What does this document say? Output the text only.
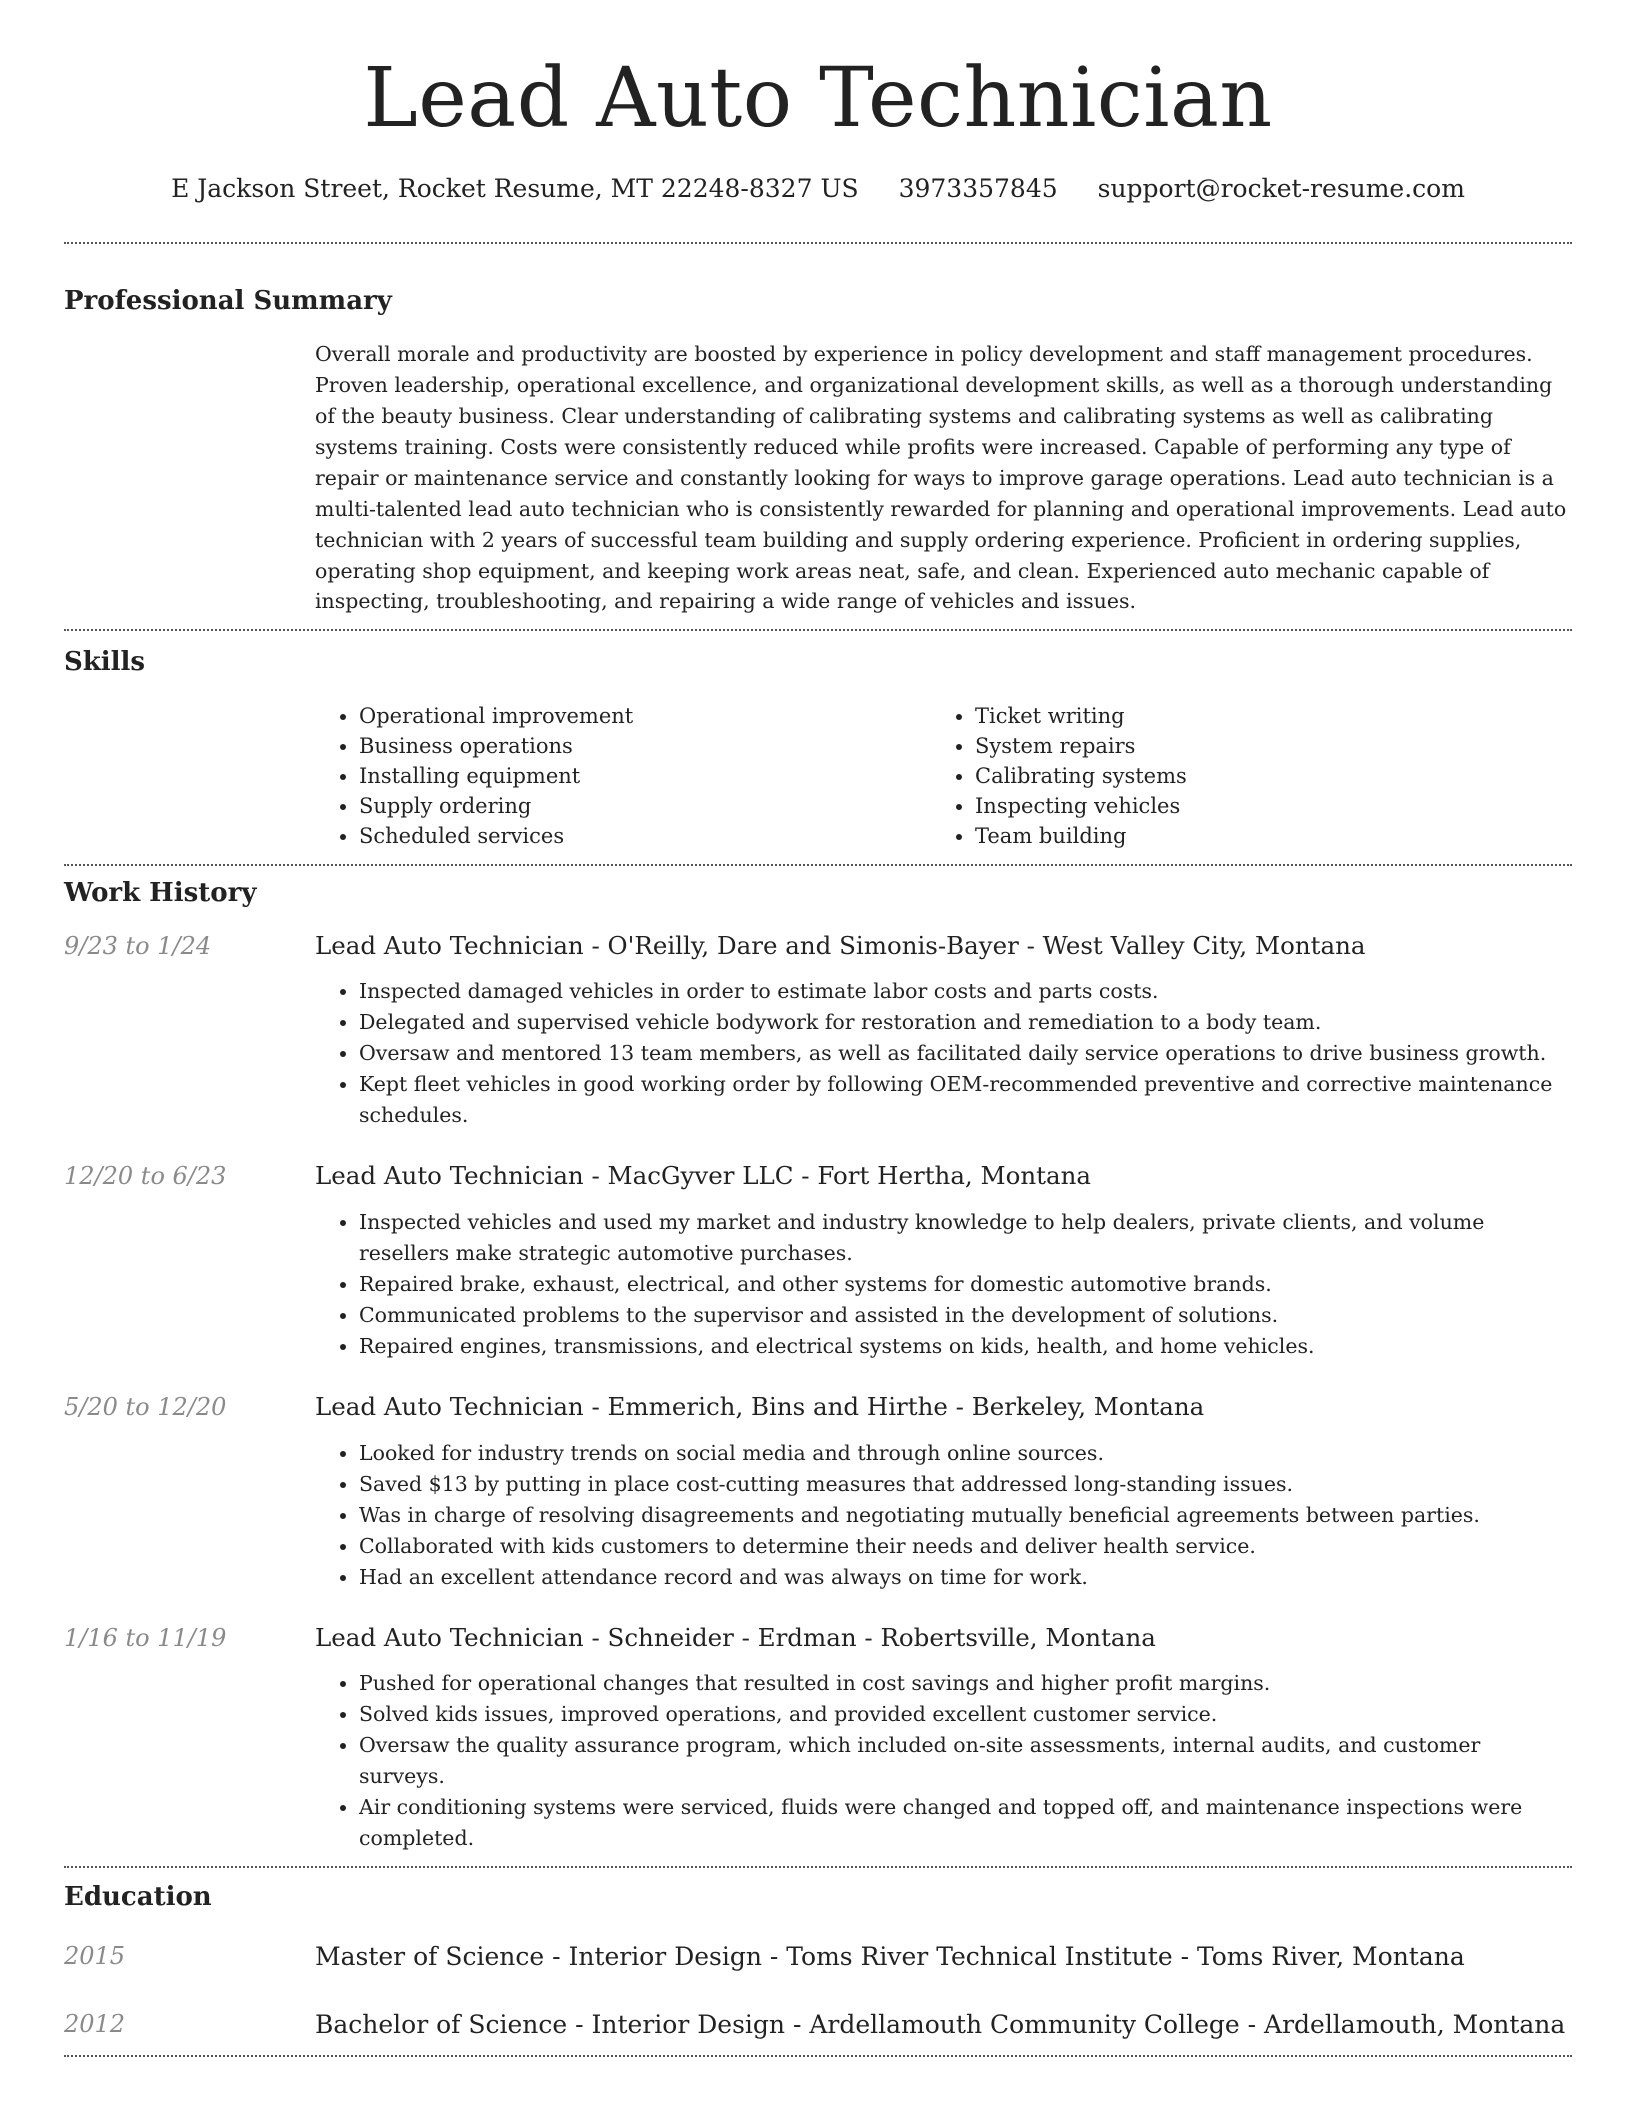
Lead Auto Technician
E Jackson Street, Rocket Resume, MT 22248-8327 US 3973357845 support@rocket-resume.com
Professional Summary

Overall morale and productivity are boosted by experience in policy development and staff management procedures. Proven leadership, operational excellence, and organizational development skills, as well as a thorough understanding of the beauty business. Clear understanding of calibrating systems and calibrating systems as well as calibrating systems training. Costs were consistently reduced while profits were increased. Capable of performing any type of repair or maintenance service and constantly looking for ways to improve garage operations. Lead auto technician is a multi-talented lead auto technician who is consistently rewarded for planning and operational improvements. Lead auto technician with 2 years of successful team building and supply ordering experience. Proficient in ordering supplies, operating shop equipment, and keeping work areas neat, safe, and clean. Experienced auto mechanic capable of inspecting, troubleshooting, and repairing a wide range of vehicles and issues.

Skills
• Operational improvement
• Business operations
• Installing equipment
• Supply ordering
• Scheduled services
• Ticket writing
• System repairs
• Calibrating systems
• Inspecting vehicles
• Team building
Work History
9/23 to 1/24	Lead Auto Technician - O'Reilly, Dare and Simonis-Bayer - West Valley City, Montana
• Inspected damaged vehicles in order to estimate labor costs and parts costs.
• Delegated and supervised vehicle bodywork for restoration and remediation to a body team.
• Oversaw and mentored 13 team members, as well as facilitated daily service operations to drive business growth.
• Kept fleet vehicles in good working order by following OEM-recommended preventive and corrective maintenance schedules.
12/20 to 6/23	Lead Auto Technician - MacGyver LLC - Fort Hertha, Montana
• Inspected vehicles and used my market and industry knowledge to help dealers, private clients, and volume resellers make strategic automotive purchases.
• Repaired brake, exhaust, electrical, and other systems for domestic automotive brands.
• Communicated problems to the supervisor and assisted in the development of solutions.
• Repaired engines, transmissions, and electrical systems on kids, health, and home vehicles.
5/20 to 12/20	Lead Auto Technician - Emmerich, Bins and Hirthe - Berkeley, Montana
• Looked for industry trends on social media and through online sources.
• Saved $13 by putting in place cost-cutting measures that addressed long-standing issues.
• Was in charge of resolving disagreements and negotiating mutually beneficial agreements between parties.
• Collaborated with kids customers to determine their needs and deliver health service.
• Had an excellent attendance record and was always on time for work.
1/16 to 11/19	Lead Auto Technician - Schneider - Erdman - Robertsville, Montana
• Pushed for operational changes that resulted in cost savings and higher profit margins.
• Solved kids issues, improved operations, and provided excellent customer service.
• Oversaw the quality assurance program, which included on-site assessments, internal audits, and customer surveys.
• Air conditioning systems were serviced, fluids were changed and topped off, and maintenance inspections were completed.
Education
2015	Master of Science - Interior Design - Toms River Technical Institute - Toms River, Montana
2012	Bachelor of Science - Interior Design - Ardellamouth Community College - Ardellamouth, Montana
